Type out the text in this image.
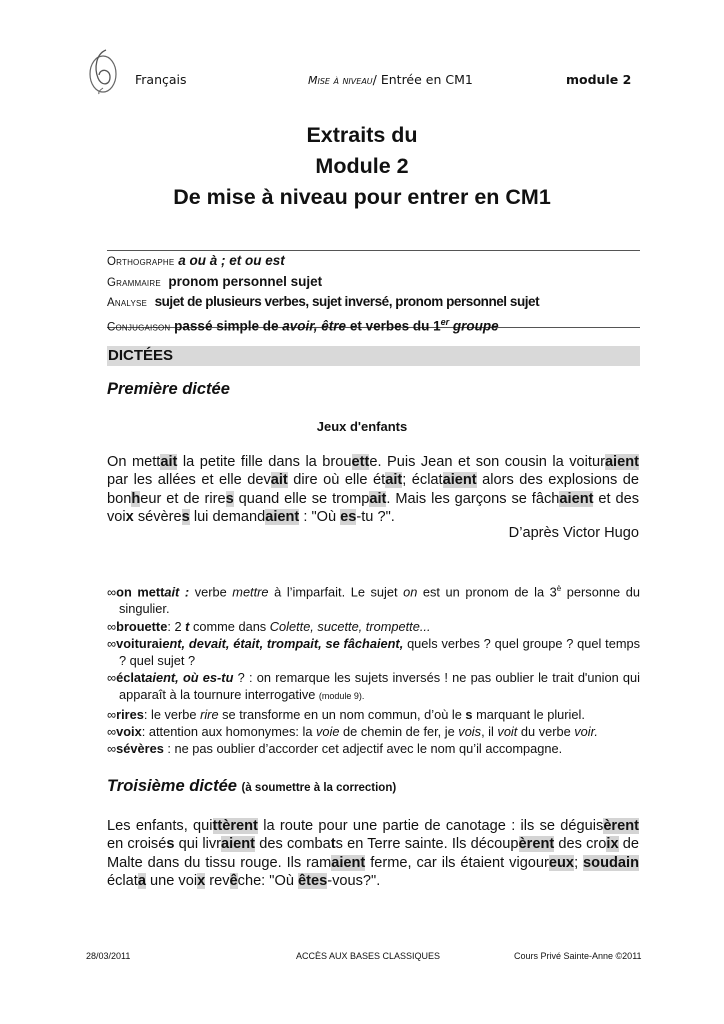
Français	Mise à niveau/ Entrée en CM1	module 2
Extraits du
Module 2
De mise à niveau pour entrer en CM1
Orthographe a ou à ; et ou est
Grammaire pronom personnel sujet
Analyse sujet de plusieurs verbes, sujet inversé, pronom personnel sujet
Conjugaison passé simple de avoir, être et verbes du 1er groupe
DICTÉES
Première dictée
Jeux d'enfants
On mettait la petite fille dans la brouette. Puis Jean et son cousin la voituraient par les allées et elle devait dire où elle était; éclataient alors des explosions de bonheur et de rires quand elle se trompait. Mais les garçons se fâchaient et des voix sévères lui demandaient : "Où es-tu ?".
D’après Victor Hugo
∞on mettait : verbe mettre à l’imparfait. Le sujet on est un pronom de la $3^è$ personne du singulier.
∞brouette: 2 t comme dans Colette, sucette, trompette...
∞voituraient, devait, était, trompait, se fâchaient, quels verbes ? quel groupe ? quel temps ? quel sujet ?
∞éclataient, où es-tu ? : on remarque les sujets inversés ! ne pas oublier le trait d'union qui apparaît à la tournure interrogative (module 9).
∞rires: le verbe rire se transforme en un nom commun, d’où le s marquant le pluriel.
∞voix: attention aux homonymes: la voie de chemin de fer, je vois, il voit du verbe voir.
∞sévères : ne pas oublier d’accorder cet adjectif avec le nom qu’il accompagne.
Troisième dictée (à soumettre à la correction)
Les enfants, quittèrent la route pour une partie de canotage : ils se déguisèrent en croisés qui livraient des combats en Terre sainte. Ils découpèrent des croix de Malte dans du tissu rouge. Ils ramaient ferme, car ils étaient vigoureux; soudain éclata une voix revêche: "Où êtes-vous?".
28/03/2011	ACCÈS AUX BASES CLASSIQUES	Cours Privé Sainte-Anne ©2011
